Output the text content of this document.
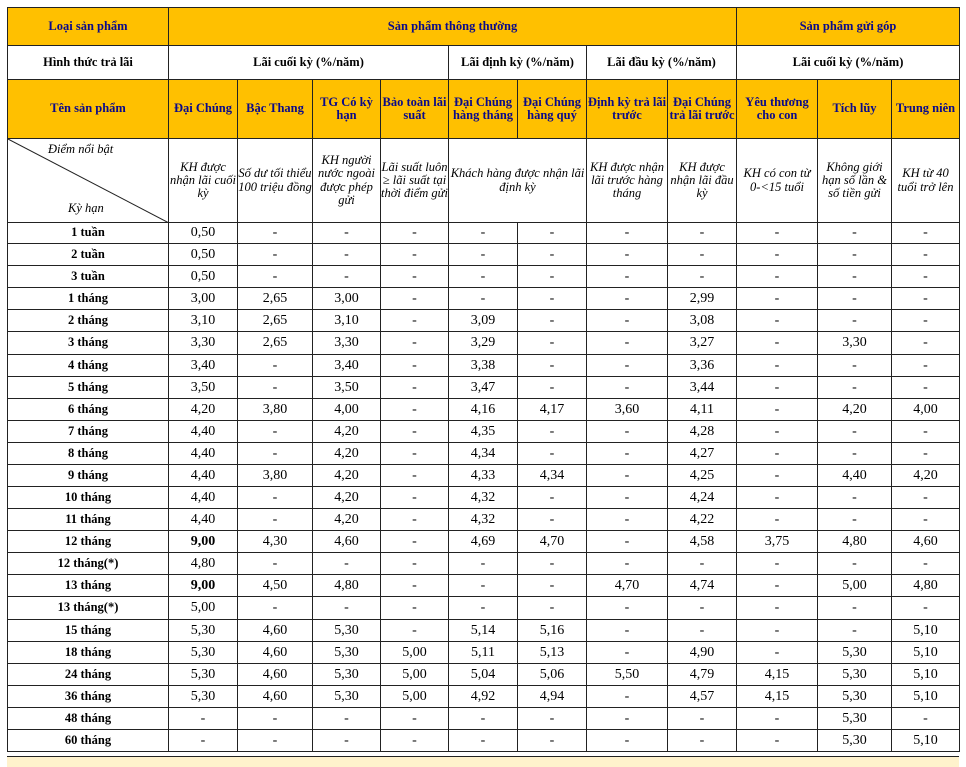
Loại sản phẩm	Sản phẩm thông thường								Sản phẩm gửi góp		
Hình thức trả lãi	Lãi cuối kỳ (%/năm)				Lãi định kỳ (%/năm)		Lãi đầu kỳ (%/năm)		Lãi cuối kỳ (%/năm)		
Tên sản phẩm	Đại Chúng	Bậc Thang	TG Có kỳ hạn	Bảo toàn lãi suất	Đại Chúng hàng tháng	Đại Chúng hàng quý	Định kỳ trả lãi trước	Đại Chúng trả lãi trước	Yêu thương cho con	Tích lũy	Trung niên

Điểm nổi bật
Kỳ hạn	KH được nhận lãi cuối kỳ	Số dư tối thiểu 100 triệu đồng	KH người nước ngoài được phép gửi	Lãi suất luôn ≥ lãi suất tại thời điểm gửi	Khách hàng được nhận lãi định kỳ		KH được nhận lãi trước hàng tháng	KH được nhận lãi đầu kỳ	KH có con từ 0-<15 tuổi	Không giới hạn số lần & số tiền gửi	KH từ 40 tuổi trở lên
1 tuần	0,50	-	-	-	-	-	-	-	-	-	-
2 tuần	0,50	-	-	-	-	-	-	-	-	-	-
3 tuần	0,50	-	-	-	-	-	-	-	-	-	-
1 tháng	3,00	2,65	3,00	-	-	-	-	2,99	-	-	-
2 tháng	3,10	2,65	3,10	-	3,09	-	-	3,08	-	-	-
3 tháng	3,30	2,65	3,30	-	3,29	-	-	3,27	-	3,30	-
4 tháng	3,40	-	3,40	-	3,38	-	-	3,36	-	-	-
5 tháng	3,50	-	3,50	-	3,47	-	-	3,44	-	-	-
6 tháng	4,20	3,80	4,00	-	4,16	4,17	3,60	4,11	-	4,20	4,00
7 tháng	4,40	-	4,20	-	4,35	-	-	4,28	-	-	-
8 tháng	4,40	-	4,20	-	4,34	-	-	4,27	-	-	-
9 tháng	4,40	3,80	4,20	-	4,33	4,34	-	4,25	-	4,40	4,20
10 tháng	4,40	-	4,20	-	4,32	-	-	4,24	-	-	-
11 tháng	4,40	-	4,20	-	4,32	-	-	4,22	-	-	-
12 tháng	9,00	4,30	4,60	-	4,69	4,70	-	4,58	3,75	4,80	4,60
12 tháng(*)	4,80	-	-	-	-	-	-	-	-	-	-
13 tháng	9,00	4,50	4,80	-	-	-	4,70	4,74	-	5,00	4,80
13 tháng(*)	5,00	-	-	-	-	-	-	-	-	-	-
15 tháng	5,30	4,60	5,30	-	5,14	5,16	-	-	-	-	5,10
18 tháng	5,30	4,60	5,30	5,00	5,11	5,13	-	4,90	-	5,30	5,10
24 tháng	5,30	4,60	5,30	5,00	5,04	5,06	5,50	4,79	4,15	5,30	5,10
36 tháng	5,30	4,60	5,30	5,00	4,92	4,94	-	4,57	4,15	5,30	5,10
48 tháng	-	-	-	-	-	-	-	-	-	5,30	-
60 tháng	-	-	-	-	-	-	-	-	-	5,30	5,10
